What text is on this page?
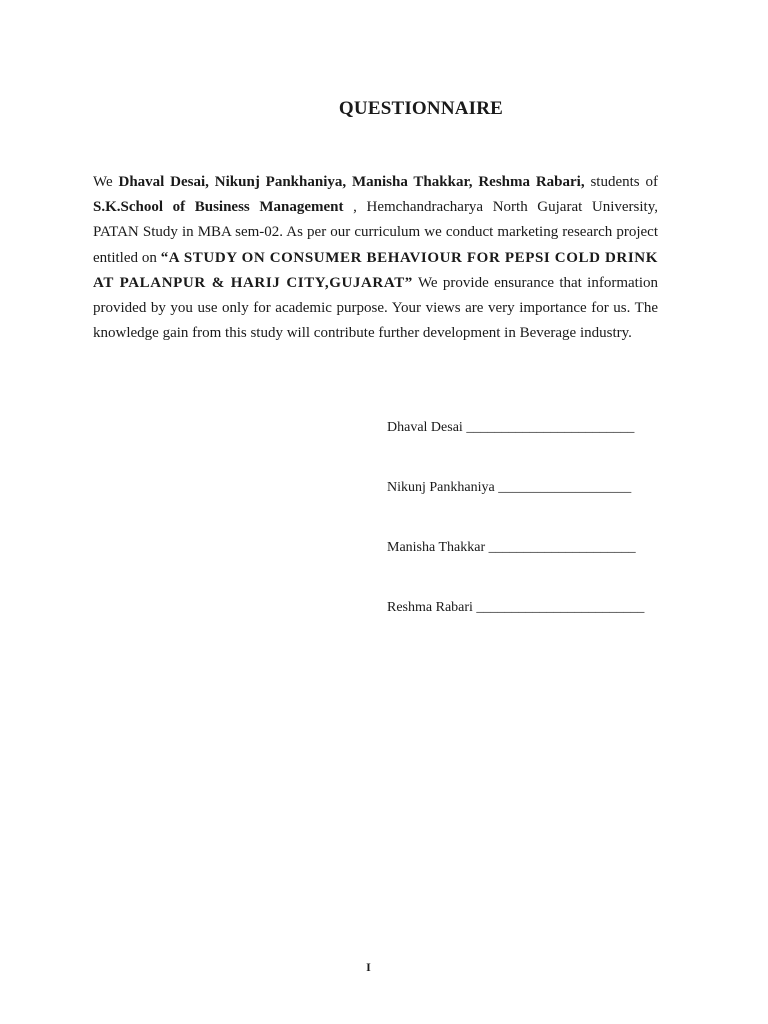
QUESTIONNAIRE

We Dhaval Desai, Nikunj Pankhaniya, Manisha Thakkar, Reshma Rabari, students of S.K.School of Business Management , Hemchandracharya North Gujarat University, PATAN Study in MBA sem-02. As per our curriculum we conduct marketing research project entitled on “A STUDY ON CONSUMER BEHAVIOUR FOR PEPSI COLD DRINK AT PALANPUR & HARIJ CITY,GUJARAT” We provide ensurance that information provided by you use only for academic purpose. Your views are very importance for us. The knowledge gain from this study will contribute further development in Beverage industry.

Dhaval Desai ________________________
Nikunj Pankhaniya ___________________
Manisha Thakkar _____________________
Reshma Rabari ________________________
I
